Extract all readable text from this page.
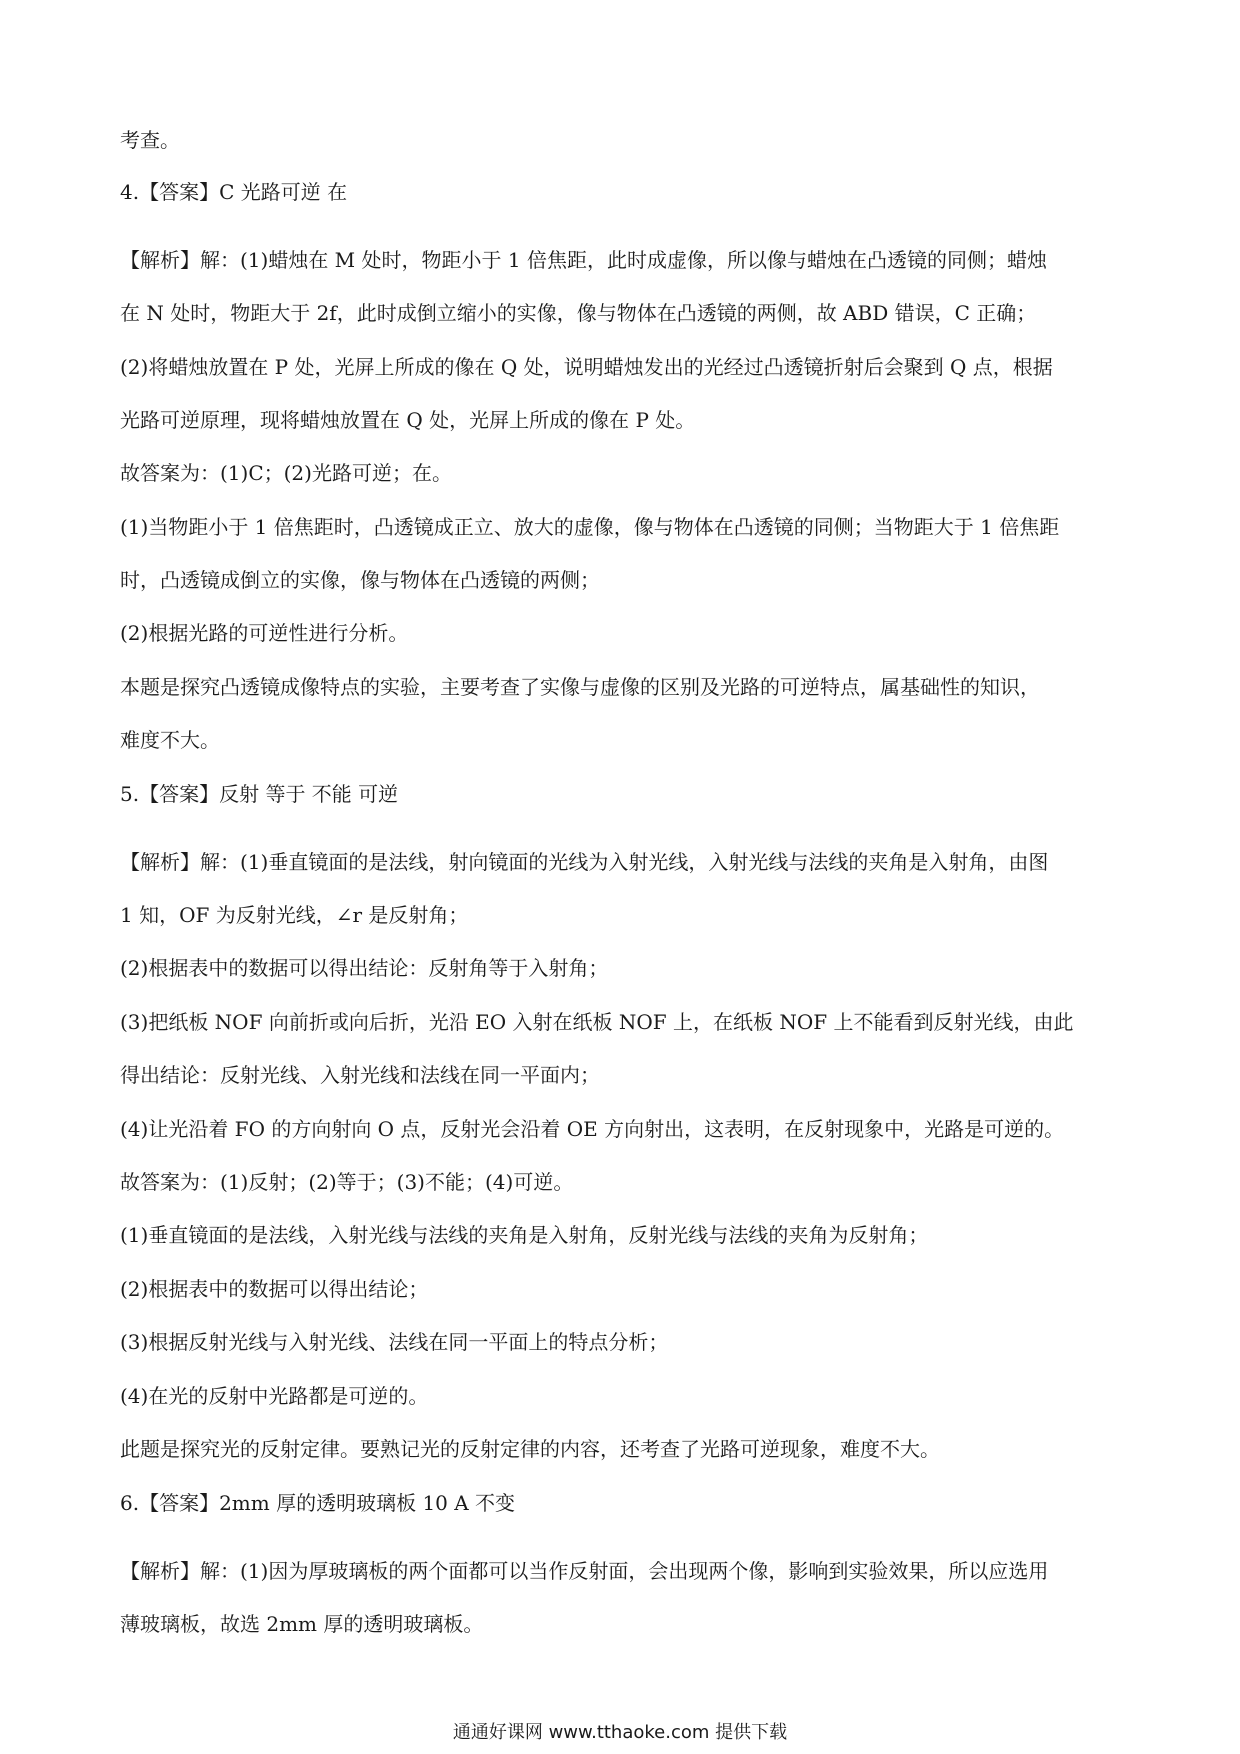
考查。
4.【答案】C 光路可逆 在
【解析】解：(1)蜡烛在 M 处时，物距小于 1 倍焦距，此时成虚像，所以像与蜡烛在凸透镜的同侧；蜡烛
在 N 处时，物距大于 2f，此时成倒立缩小的实像，像与物体在凸透镜的两侧，故 ABD 错误，C 正确；
(2)将蜡烛放置在 P 处，光屏上所成的像在 Q 处，说明蜡烛发出的光经过凸透镜折射后会聚到 Q 点，根据
光路可逆原理，现将蜡烛放置在 Q 处，光屏上所成的像在 P 处。
故答案为：(1)C；(2)光路可逆；在。
(1)当物距小于 1 倍焦距时，凸透镜成正立、放大的虚像，像与物体在凸透镜的同侧；当物距大于 1 倍焦距
时，凸透镜成倒立的实像，像与物体在凸透镜的两侧；
(2)根据光路的可逆性进行分析。
本题是探究凸透镜成像特点的实验，主要考查了实像与虚像的区别及光路的可逆特点，属基础性的知识，
难度不大。
5.【答案】反射 等于 不能 可逆
【解析】解：(1)垂直镜面的是法线，射向镜面的光线为入射光线，入射光线与法线的夹角是入射角，由图
1 知，OF 为反射光线，∠r 是反射角；
(2)根据表中的数据可以得出结论：反射角等于入射角；
(3)把纸板 NOF 向前折或向后折，光沿 EO 入射在纸板 NOF 上，在纸板 NOF 上不能看到反射光线，由此
得出结论：反射光线、入射光线和法线在同一平面内；
(4)让光沿着 FO 的方向射向 O 点，反射光会沿着 OE 方向射出，这表明，在反射现象中，光路是可逆的。
故答案为：(1)反射；(2)等于；(3)不能；(4)可逆。
(1)垂直镜面的是法线，入射光线与法线的夹角是入射角，反射光线与法线的夹角为反射角；
(2)根据表中的数据可以得出结论；
(3)根据反射光线与入射光线、法线在同一平面上的特点分析；
(4)在光的反射中光路都是可逆的。
此题是探究光的反射定律。要熟记光的反射定律的内容，还考查了光路可逆现象，难度不大。
6.【答案】2mm 厚的透明玻璃板 10 A 不变
【解析】解：(1)因为厚玻璃板的两个面都可以当作反射面，会出现两个像，影响到实验效果，所以应选用
薄玻璃板，故选 2mm 厚的透明玻璃板。
通通好课网 www.tthaoke.com 提供下载
